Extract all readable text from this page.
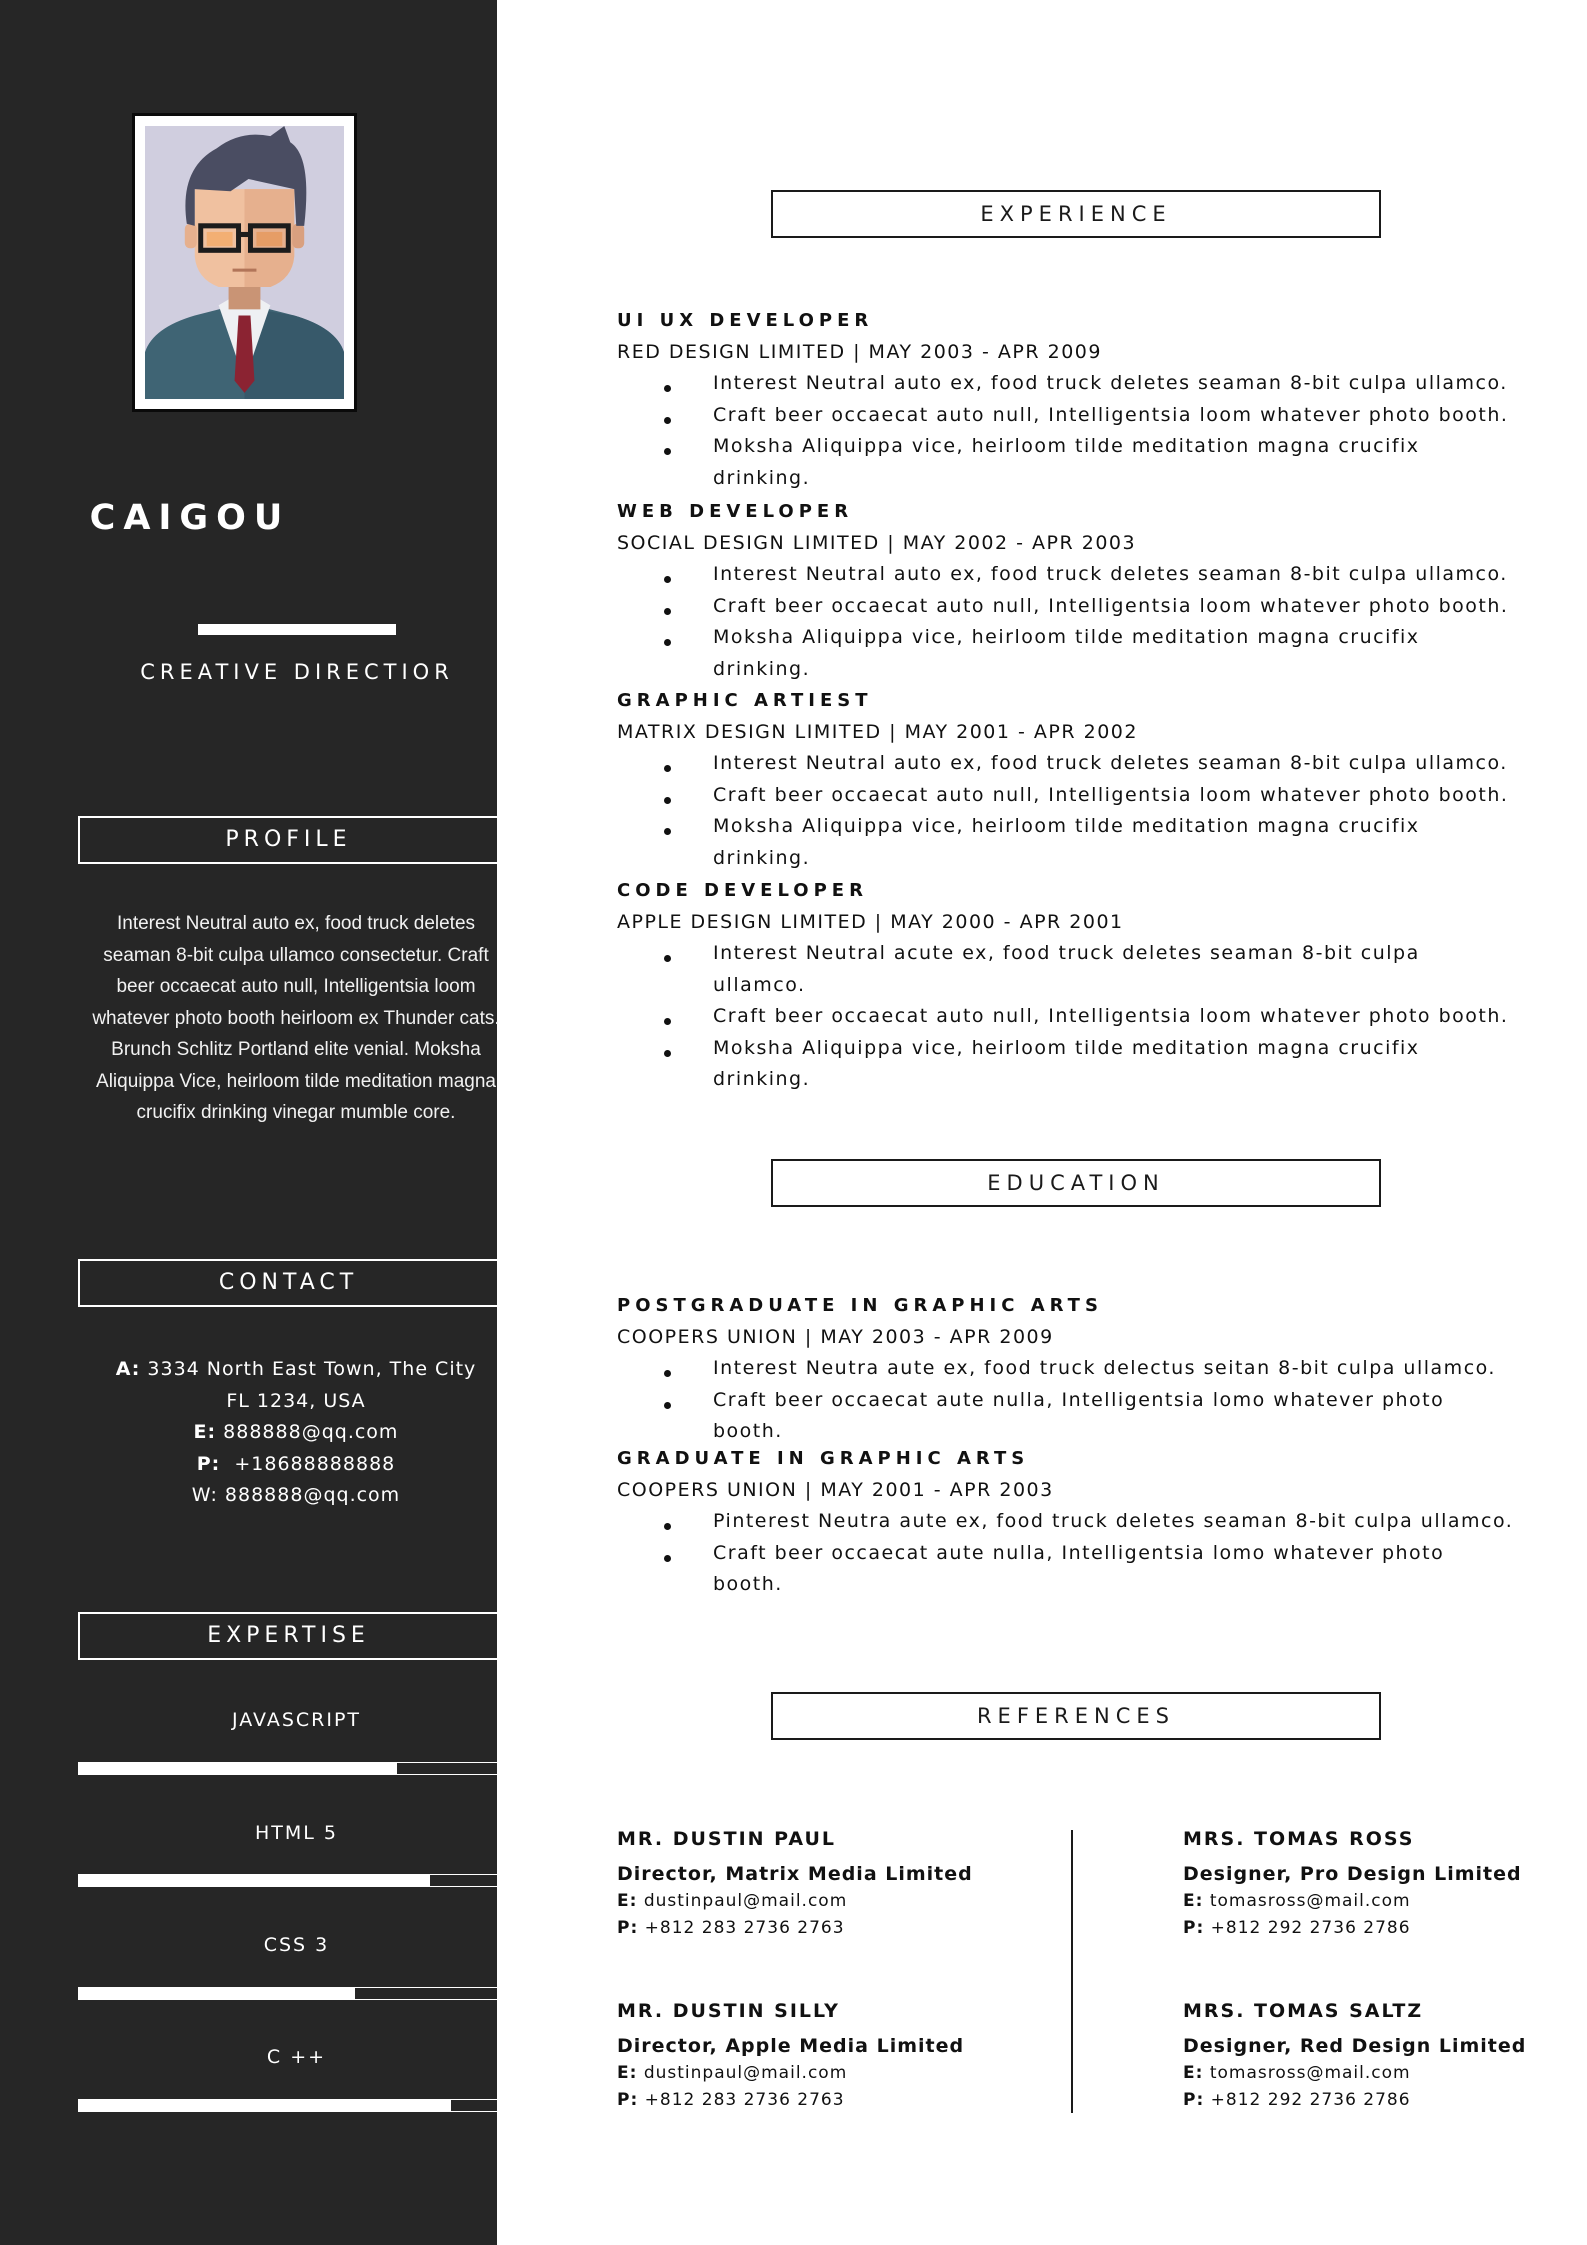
CAIGOU
CREATIVE DIRECTIOR
PROFILE
Interest Neutral auto ex, food truck deletes seaman 8-bit culpa ullamco consectetur. Craft beer occaecat auto null, Intelligentsia loom whatever photo booth heirloom ex Thunder cats. Brunch Schlitz Portland elite venial. Moksha Aliquippa Vice, heirloom tilde meditation magna crucifix drinking vinegar mumble core.
CONTACT
A: 3334 North East Town, The City
FL 1234, USA
E: 888888@qq.com
P: +18688888888
W: 888888@qq.com
EXPERTISE
JAVASCRIPT
HTML 5
CSS 3
C ++
EXPERIENCE
UI UX DEVELOPER
RED DESIGN LIMITED | MAY 2003 - APR 2009
Interest Neutral auto ex, food truck deletes seaman 8-bit culpa ullamco.
Craft beer occaecat auto null, Intelligentsia loom whatever photo booth.
Moksha Aliquippa vice, heirloom tilde meditation magna crucifix drinking.
WEB DEVELOPER
SOCIAL DESIGN LIMITED | MAY 2002 - APR 2003
Interest Neutral auto ex, food truck deletes seaman 8-bit culpa ullamco.
Craft beer occaecat auto null, Intelligentsia loom whatever photo booth.
Moksha Aliquippa vice, heirloom tilde meditation magna crucifix drinking.
GRAPHIC ARTIEST
MATRIX DESIGN LIMITED | MAY 2001 - APR 2002
Interest Neutral auto ex, food truck deletes seaman 8-bit culpa ullamco.
Craft beer occaecat auto null, Intelligentsia loom whatever photo booth.
Moksha Aliquippa vice, heirloom tilde meditation magna crucifix drinking.
CODE DEVELOPER
APPLE DESIGN LIMITED | MAY 2000 - APR 2001
Interest Neutral acute ex, food truck deletes seaman 8-bit culpa ullamco.
Craft beer occaecat auto null, Intelligentsia loom whatever photo booth.
Moksha Aliquippa vice, heirloom tilde meditation magna crucifix drinking.
EDUCATION
POSTGRADUATE IN GRAPHIC ARTS
COOPERS UNION | MAY 2003 - APR 2009
Interest Neutra aute ex, food truck delectus seitan 8-bit culpa ullamco.
Craft beer occaecat aute nulla, Intelligentsia lomo whatever photo booth.
GRADUATE IN GRAPHIC ARTS
COOPERS UNION | MAY 2001 - APR 2003
Pinterest Neutra aute ex, food truck deletes seaman 8-bit culpa ullamco.
Craft beer occaecat aute nulla, Intelligentsia lomo whatever photo booth.
REFERENCES
MR. DUSTIN PAUL
Director, Matrix Media Limited
E: dustinpaul@mail.com
P: +812 283 2736 2763
MRS. TOMAS ROSS
Designer, Pro Design Limited
E: tomasross@mail.com
P: +812 292 2736 2786
MR. DUSTIN SILLY
Director, Apple Media Limited
E: dustinpaul@mail.com
P: +812 283 2736 2763
MRS. TOMAS SALTZ
Designer, Red Design Limited
E: tomasross@mail.com
P: +812 292 2736 2786
